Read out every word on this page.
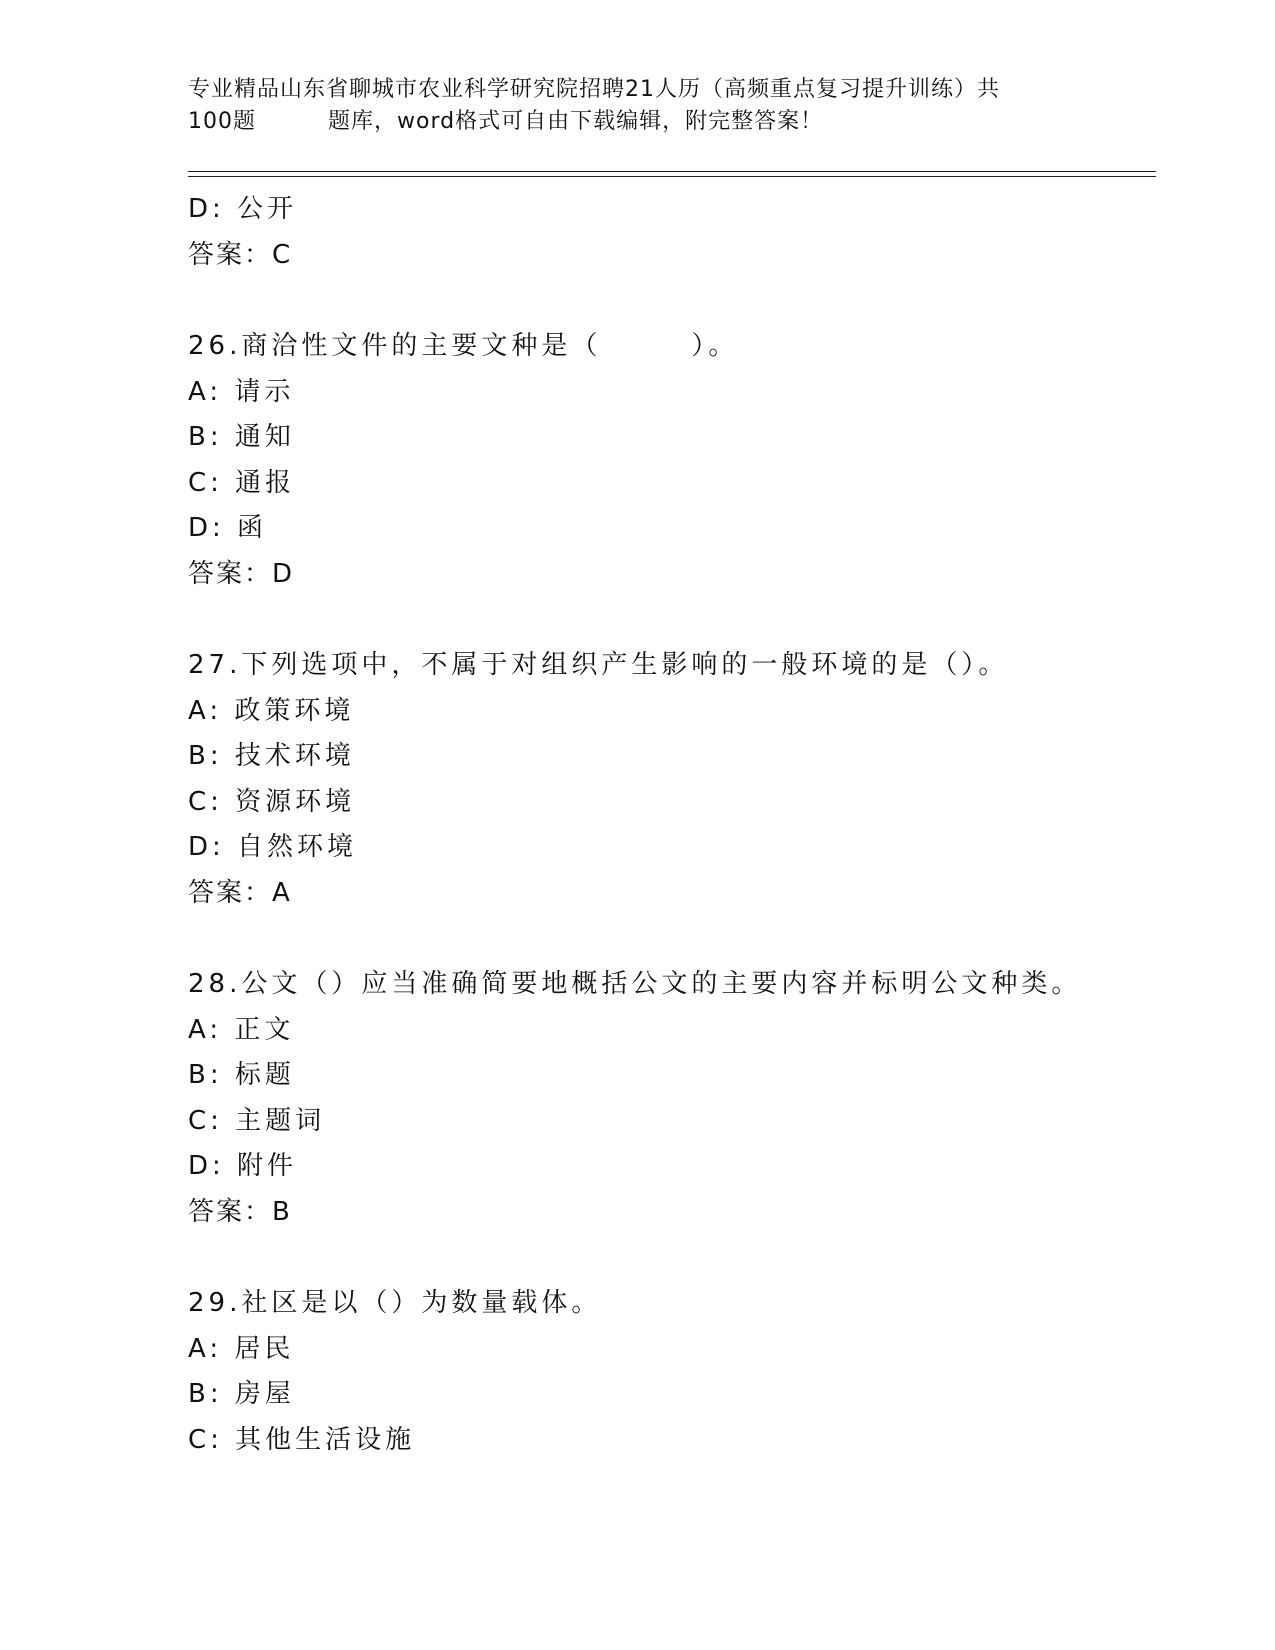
专业精品山东省聊城市农业科学研究院招聘21人历（高频重点复习提升训练）共
100题	题库，word格式可自由下载编辑，附完整答案！
D: 公开
答案：C
26.商洽性文件的主要文种是（	）。
A: 请示
B: 通知
C: 通报
D: 函
答案：D
27.下列选项中，不属于对组织产生影响的一般环境的是（）。
A: 政策环境
B: 技术环境
C: 资源环境
D: 自然环境
答案：A
28.公文（）应当准确简要地概括公文的主要内容并标明公文种类。
A: 正文
B: 标题
C: 主题词
D: 附件
答案：B
29.社区是以（）为数量载体。
A: 居民
B: 房屋
C: 其他生活设施
